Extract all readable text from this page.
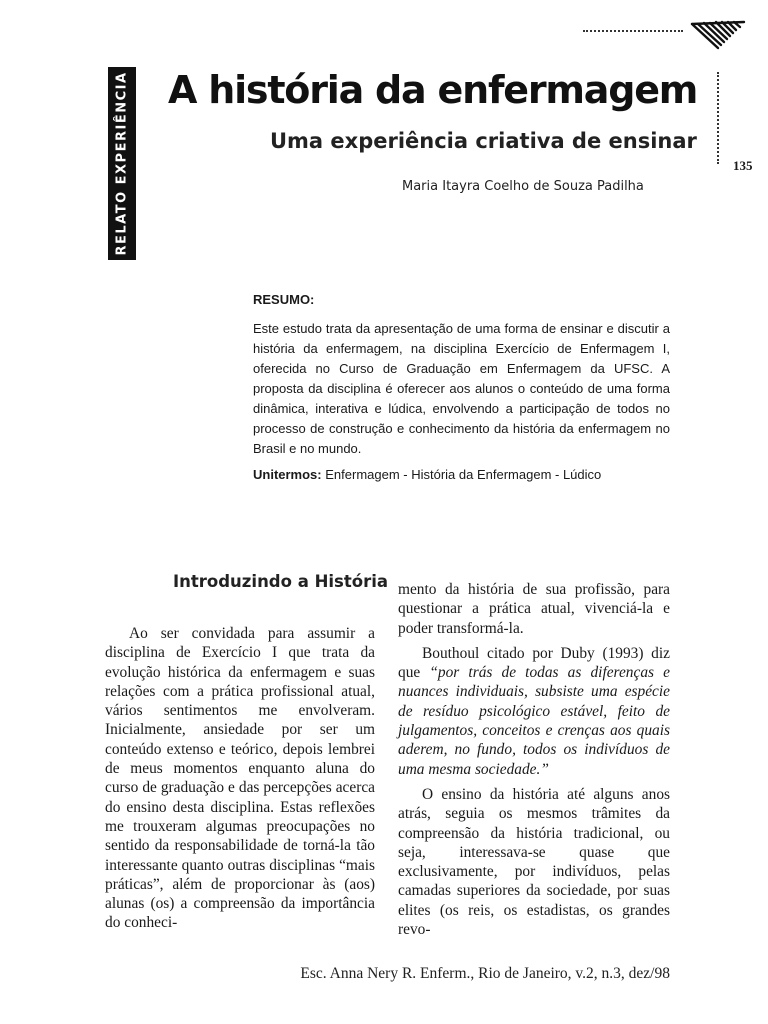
RELATO EXPERIÊNCIA	135
A história da enfermagem
Uma experiência criativa de ensinar
Maria Itayra Coelho de Souza Padilha
RESUMO:
Este estudo trata da apresentação de uma forma de ensinar e discutir a história da enfermagem, na disciplina Exercício de Enfermagem I, oferecida no Curso de Graduação em Enfermagem da UFSC. A proposta da disciplina é oferecer aos alunos o conteúdo de uma forma dinâmica, interativa e lúdica, envolvendo a participação de todos no processo de construção e conhecimento da história da enfermagem no Brasil e no mundo.
Unitermos: Enfermagem - História da Enfermagem - Lúdico
Introduzindo a História

Ao ser convidada para assumir a disciplina de Exercício I que trata da evolução histórica da enfermagem e suas relações com a prática profissional atual, vários sentimentos me envolveram. Inicialmente, ansiedade por ser um conteúdo extenso e teórico, depois lembrei de meus momentos enquanto aluna do curso de graduação e das percepções acerca do ensino desta disciplina. Estas reflexões me trouxeram algumas preocupações no sentido da responsabilidade de torná-la tão interessante quanto outras disciplinas “mais práticas”, além de proporcionar às (aos) alunas (os) a compreensão da importância do conheci-

mento da história de sua profissão, para questionar a prática atual, vivenciá-la e poder transformá-la.

Bouthoul citado por Duby (1993) diz que “por trás de todas as diferenças e nuances individuais, subsiste uma espécie de resíduo psicológico estável, feito de julgamentos, conceitos e crenças aos quais aderem, no fundo, todos os indivíduos de uma mesma sociedade.”

O ensino da história até alguns anos atrás, seguia os mesmos trâmites da compreensão da história tradicional, ou seja, interessava-se quase que exclusivamente, por indivíduos, pelas camadas superiores da sociedade, por suas elites (os reis, os estadistas, os grandes revo-

Esc. Anna Nery R. Enferm., Rio de Janeiro, v.2, n.3, dez/98
